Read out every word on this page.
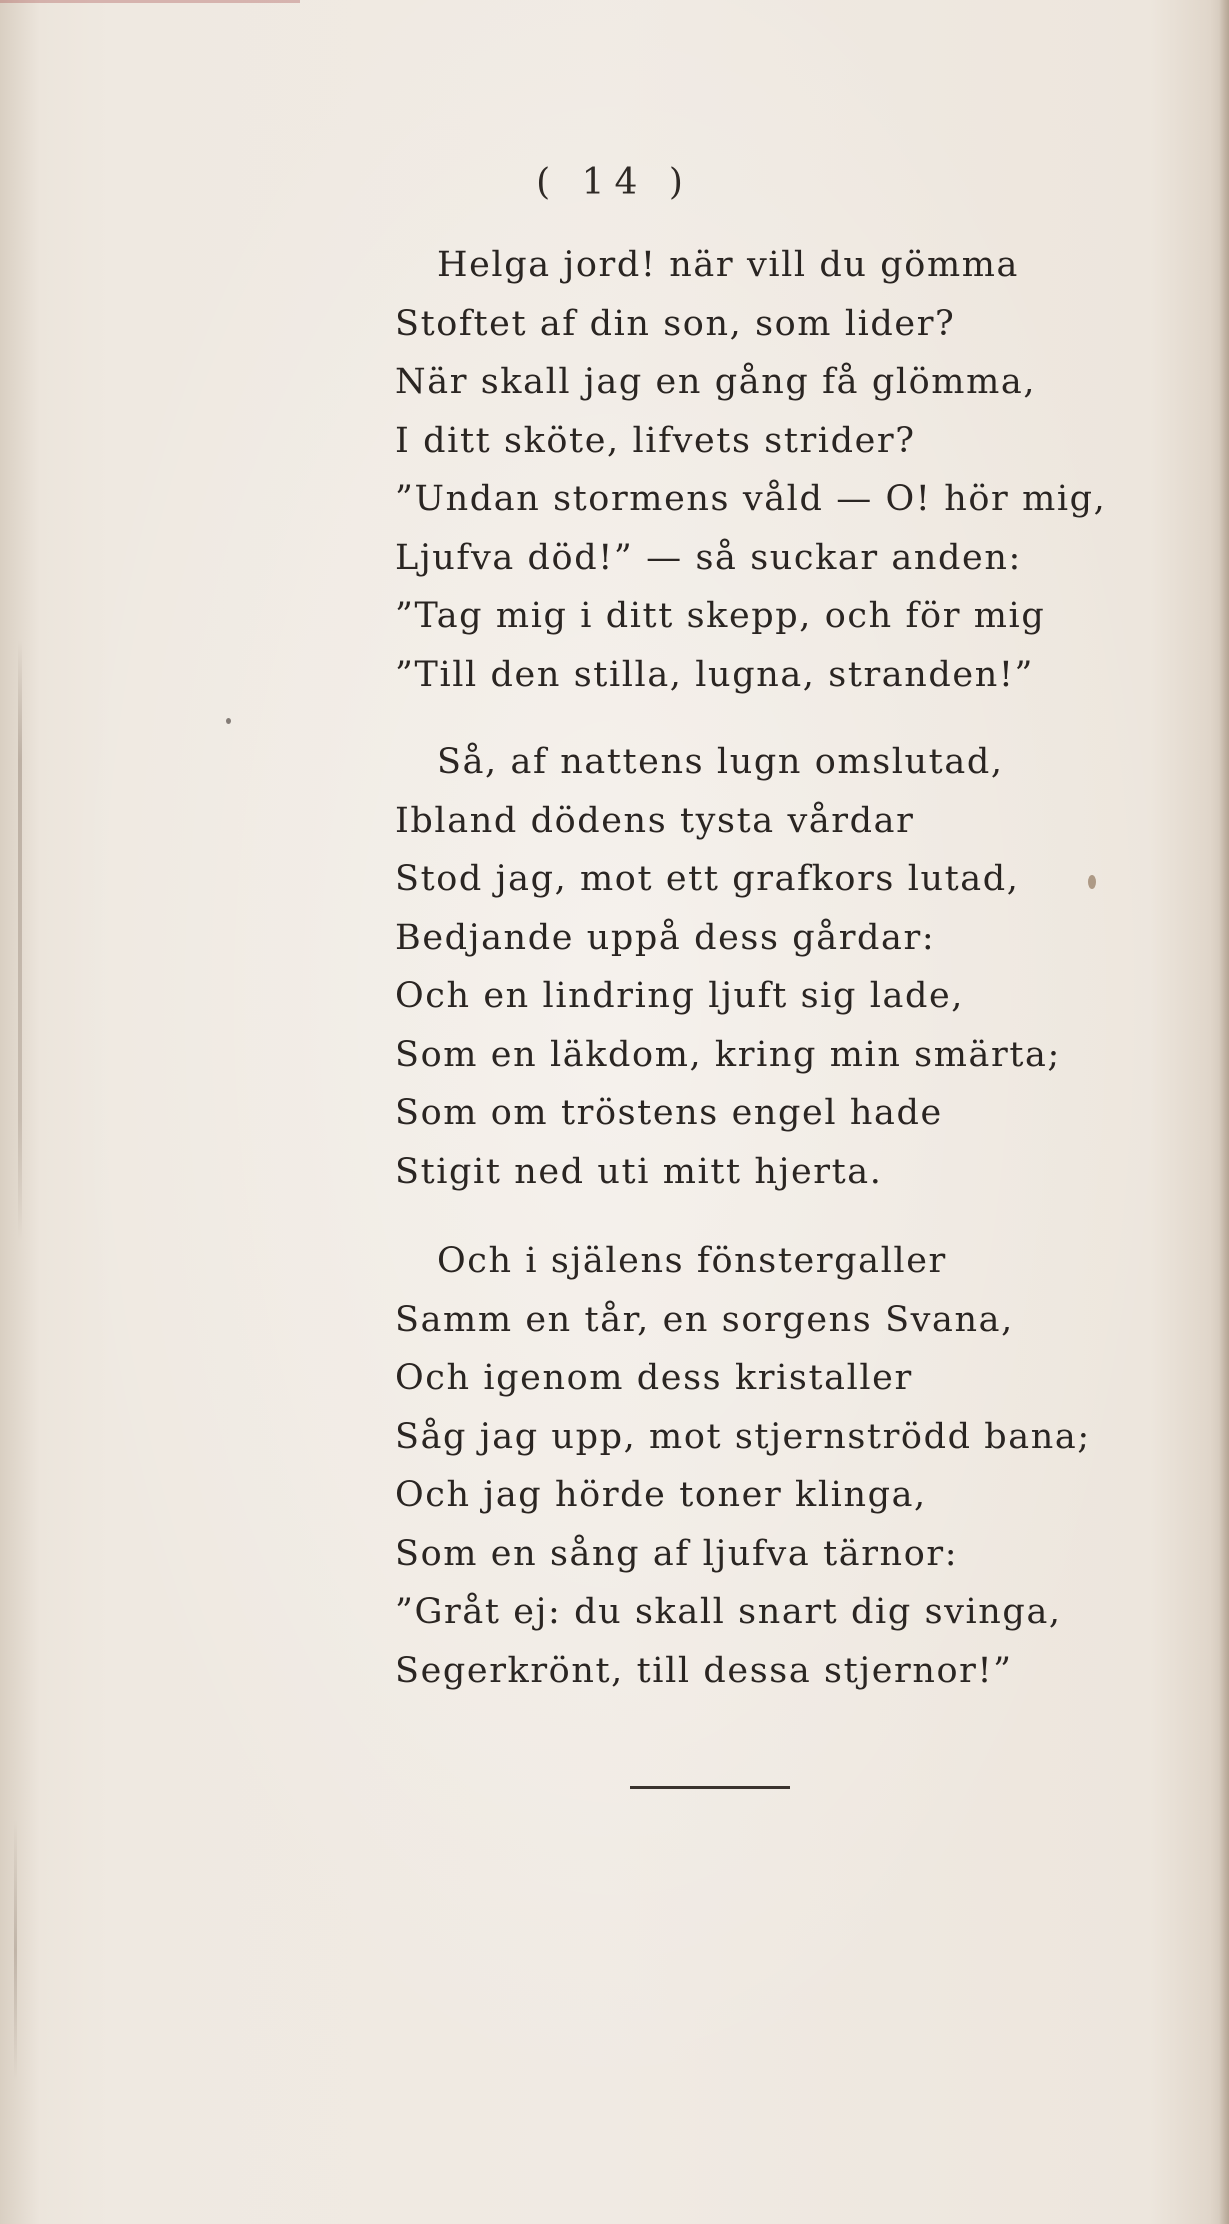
( 14 )
Helga jord! när vill du gömma
Stoftet af din son, som lider?
När skall jag en gång få glömma,
I ditt sköte, lifvets strider?
”Undan stormens våld — O! hör mig,
Ljufva död!” — så suckar anden:
”Tag mig i ditt skepp, och för mig
”Till den stilla, lugna, stranden!”
Så, af nattens lugn omslutad,
Ibland dödens tysta vårdar
Stod jag, mot ett grafkors lutad,
Bedjande uppå dess gårdar:
Och en lindring ljuft sig lade,
Som en läkdom, kring min smärta;
Som om tröstens engel hade
Stigit ned uti mitt hjerta.
Och i själens fönstergaller
Samm en tår, en sorgens Svana,
Och igenom dess kristaller
Såg jag upp, mot stjernströdd bana;
Och jag hörde toner klinga,
Som en sång af ljufva tärnor:
”Gråt ej: du skall snart dig svinga,
Segerkrönt, till dessa stjernor!”
